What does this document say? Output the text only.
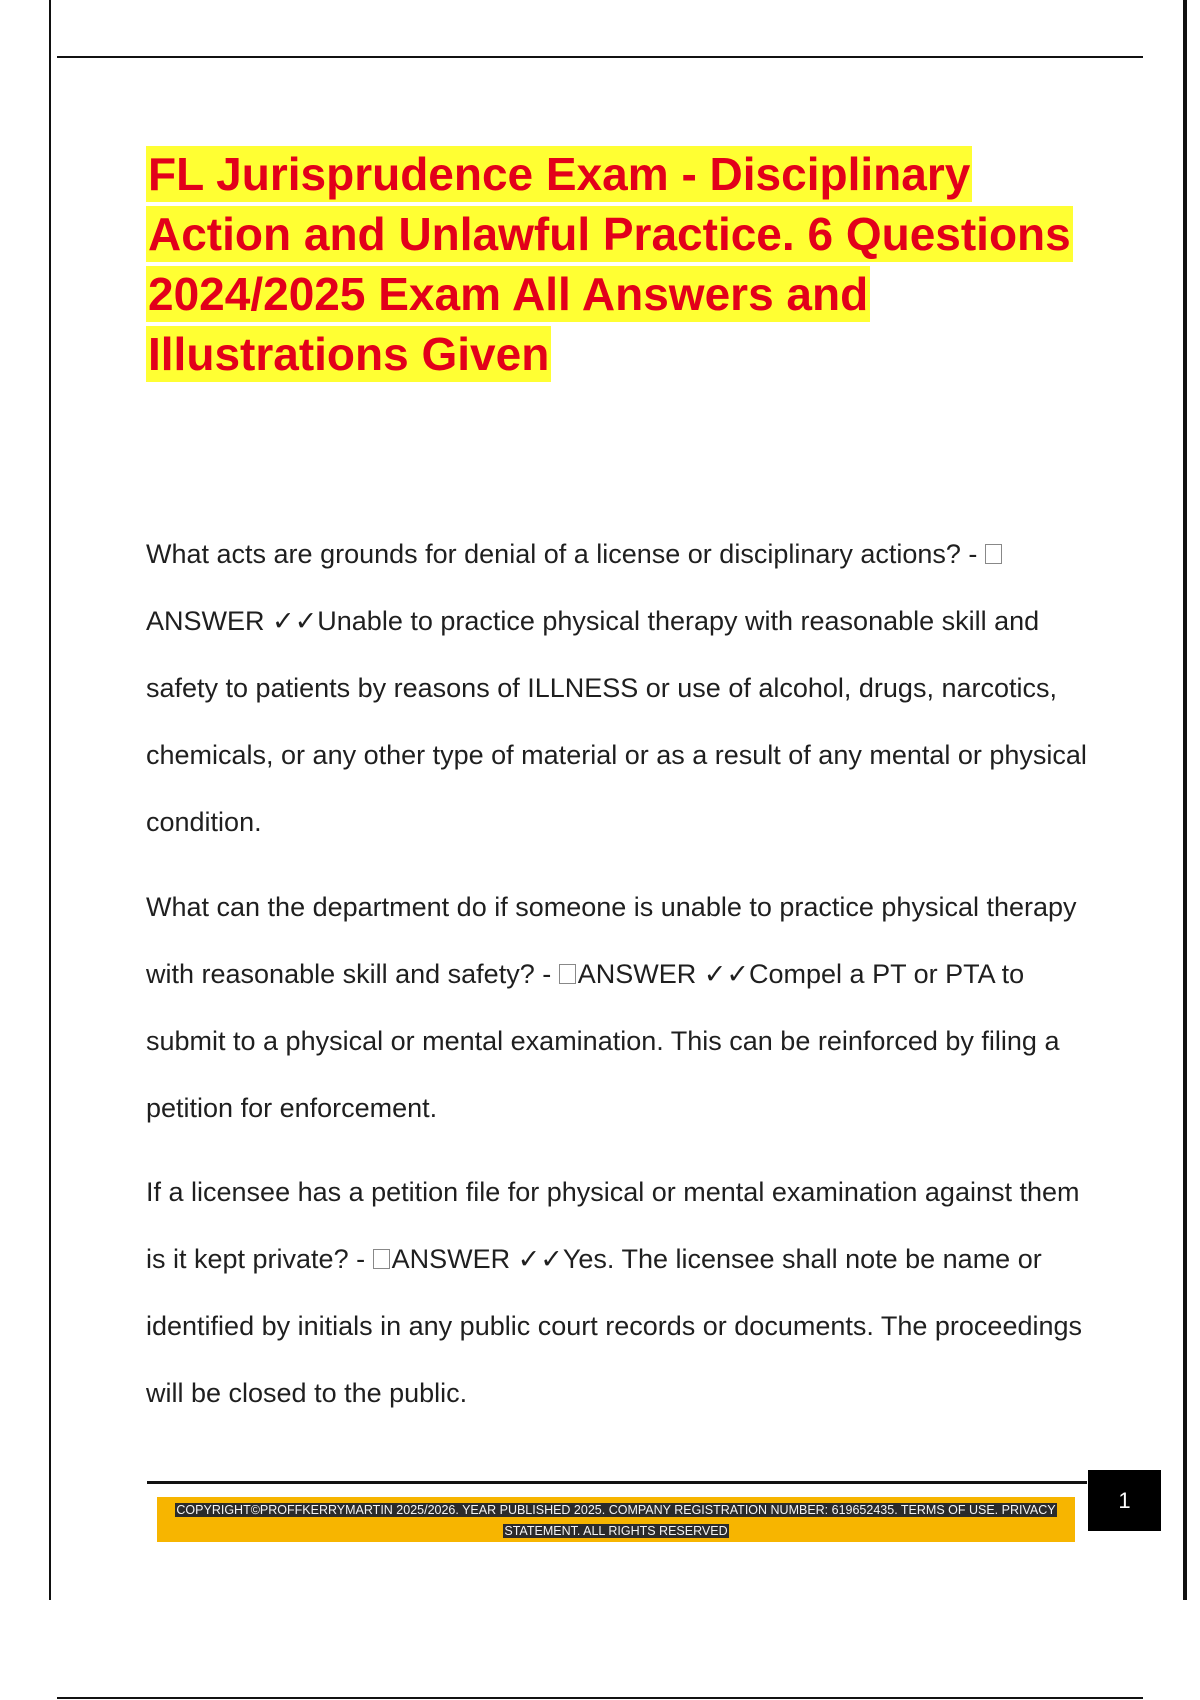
FL Jurisprudence Exam - Disciplinary Action and Unlawful Practice. 6 Questions 2024/2025 Exam All Answers and Illustrations Given

What acts are grounds for denial of a license or disciplinary actions? - ANSWER ✓✓Unable to practice physical therapy with reasonable skill and safety to patients by reasons of ILLNESS or use of alcohol, drugs, narcotics, chemicals, or any other type of material or as a result of any mental or physical condition.

What can the department do if someone is unable to practice physical therapy with reasonable skill and safety? - ANSWER ✓✓Compel a PT or PTA to submit to a physical or mental examination. This can be reinforced by filing a petition for enforcement.

If a licensee has a petition file for physical or mental examination against them is it kept private? - ANSWER ✓✓Yes. The licensee shall note be name or identified by initials in any public court records or documents. The proceedings will be closed to the public.

COPYRIGHT©PROFFKERRYMARTIN 2025/2026. YEAR PUBLISHED 2025. COMPANY REGISTRATION NUMBER: 619652435. TERMS OF USE. PRIVACY STATEMENT. ALL RIGHTS RESERVED

1
